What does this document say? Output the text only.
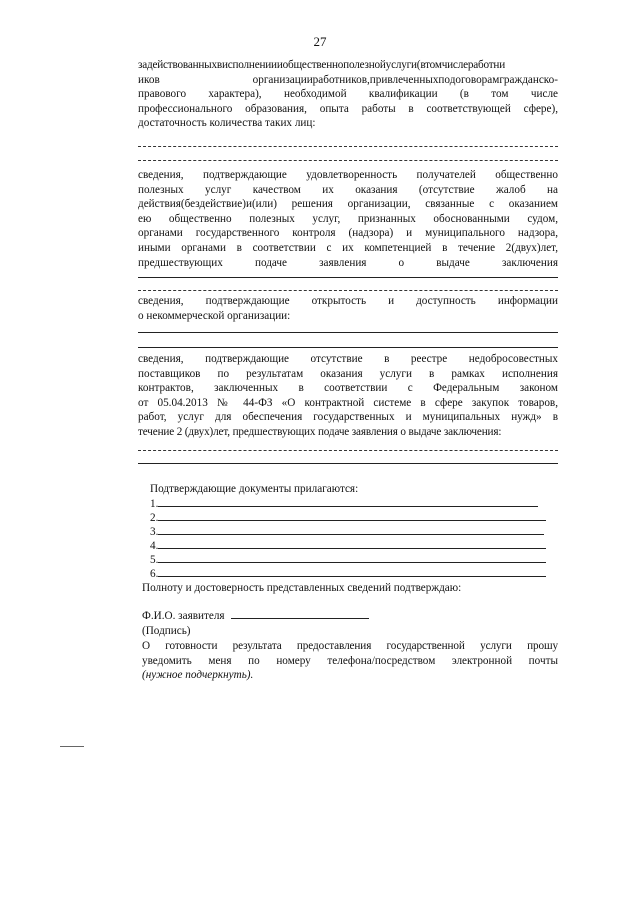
27

задействованныхвисполнениииобщественнополезнойуслуги(втомчислеработни

иков	организацииработников,привлеченныхподоговорамгражданско-

правового характера), необходимой квалификации (в том числе

профессионального образования, опыта работы в соответствующей сфере),

достаточность количества таких лиц:

сведения, подтверждающие удовлетворенность получателей общественно

полезных услуг качеством их оказания (отсутствие жалоб на

действия(бездействие)и(или) решения организации, связанные с оказанием

ею общественно полезных услуг, признанных обоснованными судом,

органами государственного контроля (надзора) и муниципального надзора,

иными органами в соответствии с их компетенцией в течение 2(двух)лет,

предшествующих подаче заявления о выдаче заключения

сведения, подтверждающие открытость и доступность информации

о некоммерческой организации:

сведения, подтверждающие отсутствие в реестре недобросовестных

поставщиков по результатам оказания услуги в рамках исполнения

контрактов, заключенных в соответствии с Федеральным законом

от 05.04.2013 № 44-ФЗ «О контрактной системе в сфере закупок товаров,

работ, услуг для обеспечения государственных и муниципальных нужд» в

течение 2 (двух)лет, предшествующих подаче заявления о выдаче заключения:

Подтверждающие документы прилагаются:
1.
2.
3.
4.
5.
6.
Полноту и достоверность представленных сведений подтверждаю:
Ф.И.О. заявителя
(Подпись)

О готовности результата предоставления государственной услуги прошу

уведомить меня по номеру телефона/посредством электронной почты

(нужное подчеркнуть).
